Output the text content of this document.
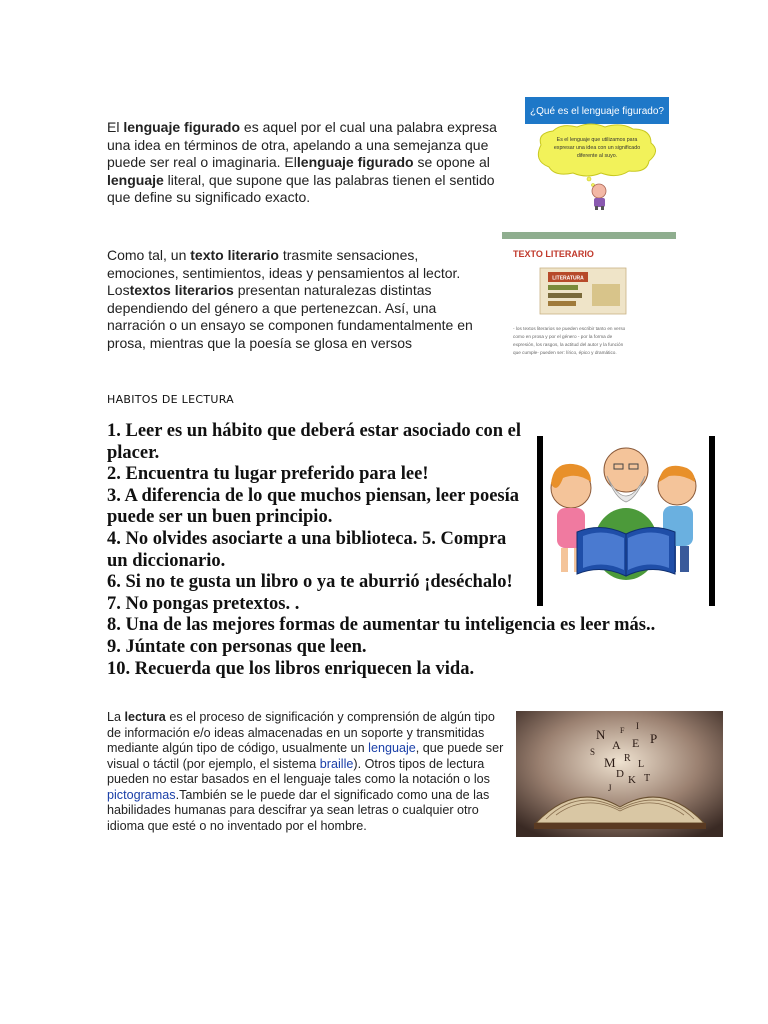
El lenguaje figurado es aquel por el cual una palabra expresa una idea en términos de otra, apelando a una semejanza que puede ser real o imaginaria. Ellenguaje figurado se opone al lenguaje literal, que supone que las palabras tienen el sentido que define su significado exacto.
¿Qué es el lenguaje figurado?
Es el lenguaje que utilizamos para
expresar una idea con un significado
diferente al suyo.
Como tal, un texto literario trasmite sensaciones, emociones, sentimientos, ideas y pensamientos al lector. Lostextos literarios presentan naturalezas distintas dependiendo del género a que pertenezcan. Así, una narración o un ensayo se componen fundamentalmente en prosa, mientras que la poesía se glosa en versos
TEXTO LITERARIO
LITERATURA
- los textos literarios se pueden escribir tanto en verso
como en prosa y por el género - por la forma de
expresión, los rasgos, la actitud del autor y la función
que cumple- pueden ser: lírico, épico y dramático.
HABITOS DE LECTURA
1. Leer es un hábito que deberá estar asociado con el
placer.
2. Encuentra tu lugar preferido para lee!
3. A diferencia de lo que muchos piensan, leer poesía
puede ser un buen principio.
4. No olvides asociarte a una biblioteca. 5. Compra
un diccionario.
6. Si no te gusta un libro o ya te aburrió ¡deséchalo!
7. No pongas pretextos. .
8. Una de las mejores formas de aumentar tu inteligencia es leer más..
9. Júntate con personas que leen.
10. Recuerda que los libros enriquecen la vida.
La lectura es el proceso de significación y comprensión de algún tipo de información e/o ideas almacenadas en un soporte y transmitidas mediante algún tipo de código, usualmente un lenguaje, que puede ser visual o táctil (por ejemplo, el sistema braille). Otros tipos de lectura pueden no estar basados en el lenguaje tales como la notación o los pictogramas.También se le puede dar el significado como una de las habilidades humanas para descifrar ya sean letras o cualquier otro idioma que esté o no inventado por el hombre.
N
A E P
S
R
M
D
L
T
K
J
I
F
